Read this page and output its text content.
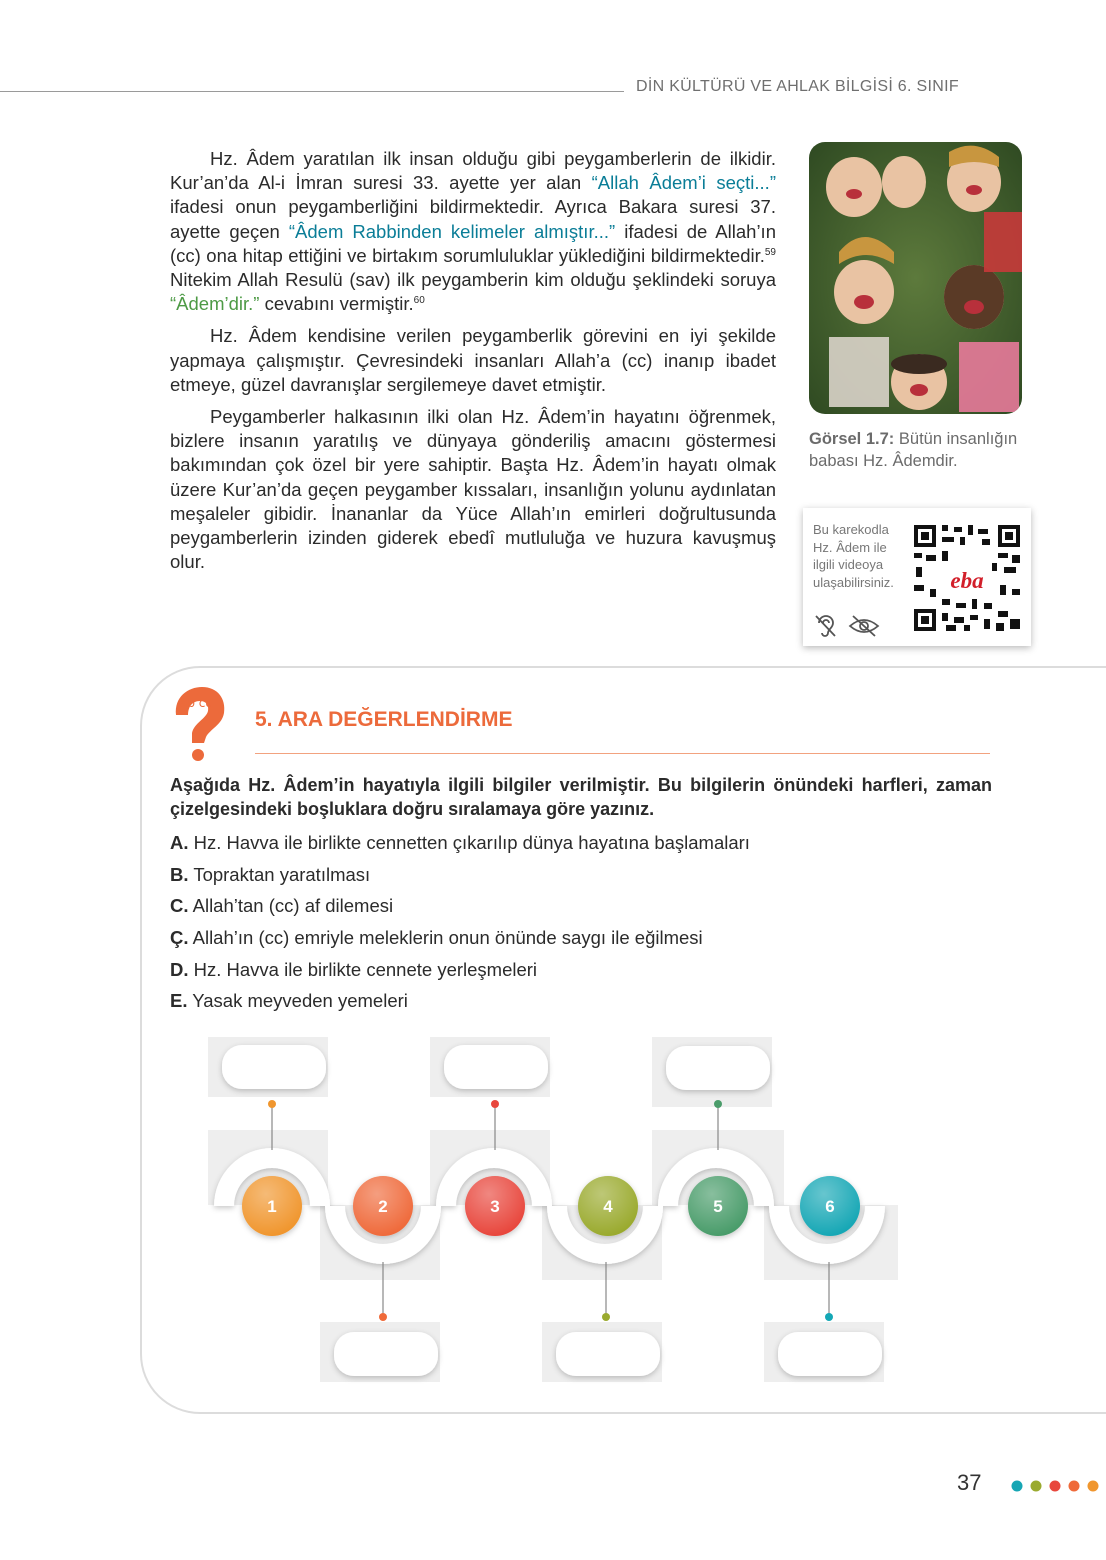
DİN KÜLTÜRÜ VE AHLAK BİLGİSİ 6. SINIF

Hz. Âdem yaratılan ilk insan olduğu gibi peygamberlerin de ilkidir. Kur’an’da Al-i İmran suresi 33. ayette yer alan “Allah Âdem’i seçti...” ifadesi onun peygamberliğini bildirmektedir. Ayrıca Bakara suresi 37. ayette geçen “Âdem Rabbinden kelimeler almıştır...” ifadesi de Allah’ın (cc) ona hitap ettiğini ve birtakım sorumluluklar yüklediğini bildirmektedir.$^{59}$ Nitekim Allah Resulü (sav) ilk peygamberin kim olduğu şeklindeki soruya “Âdem’dir.” cevabını vermiştir.$^{60}$

Hz. Âdem kendisine verilen peygamberlik görevini en iyi şekilde yapmaya çalışmıştır. Çevresindeki insanları Allah’a (cc) inanıp ibadet etmeye, güzel davranışlar sergilemeye davet etmiştir.

Peygamberler halkasının ilki olan Hz. Âdem’in hayatını öğrenmek, bizlere insanın yaratılış ve dünyaya gönderiliş amacını göstermesi bakımından çok özel bir yere sahiptir. Başta Hz. Âdem’in hayatı olmak üzere Kur’an’da geçen peygamber kıssaları, insanlığın yolunu aydınlatan meşaleler gibidir. İnananlar da Yüce Allah’ın emirleri doğrultusunda peygamberlerin izinden giderek ebedî mutluluğa ve huzura kavuşmuş olur.

Görsel 1.7: Bütün insanlığın babası Hz. Âdemdir.
Bu karekodla Hz. Âdem ile ilgili videoya ulaşabilirsiniz.	eba
ab cd
5. ARA DEĞERLENDİRME
Aşağıda Hz. Âdem’in hayatıyla ilgili bilgiler verilmiştir. Bu bilgilerin önündeki harfleri, zaman çizelgesindeki boşluklara doğru sıralamaya göre yazınız.
A. Hz. Havva ile birlikte cennetten çıkarılıp dünya hayatına başlamaları
B. Topraktan yaratılması
C. Allah’tan (cc) af dilemesi
Ç. Allah’ın (cc) emriyle meleklerin onun önünde saygı ile eğilmesi
D. Hz. Havva ile birlikte cennete yerleşmeleri
E. Yasak meyveden yemeleri
1	2	3	4	5	6
37
